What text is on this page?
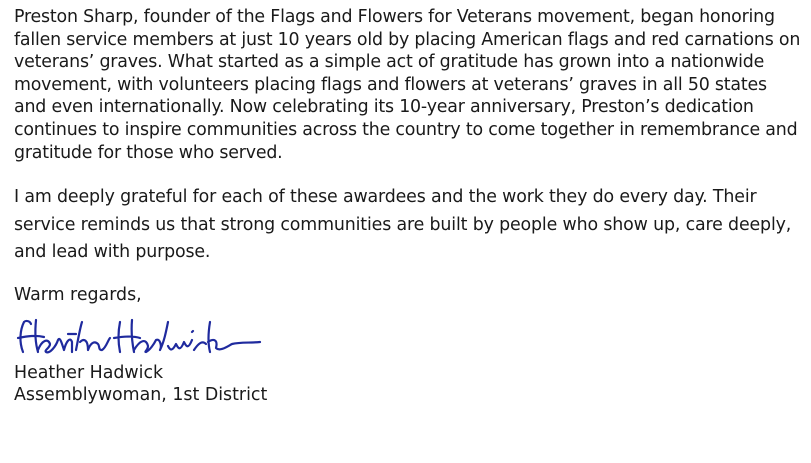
Preston Sharp, founder of the Flags and Flowers for Veterans movement, began honoring fallen service members at just 10 years old by placing American flags and red carnations on veterans’ graves. What started as a simple act of gratitude has grown into a nationwide movement, with volunteers placing flags and flowers at veterans’ graves in all 50 states and even internationally. Now celebrating its 10-year anniversary, Preston’s dedication continues to inspire communities across the country to come together in remembrance and gratitude for those who served.

I am deeply grateful for each of these awardees and the work they do every day. Their service reminds us that strong communities are built by people who show up, care deeply, and lead with purpose.

Warm regards,

Heather Hadwick
Assemblywoman, 1st District
